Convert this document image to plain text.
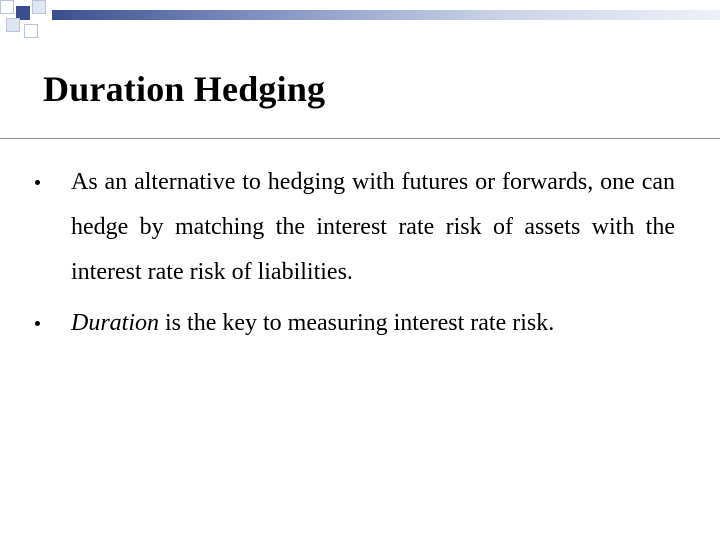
Duration Hedging
As an alternative to hedging with futures or forwards, one can hedge by matching the interest rate risk of assets with the interest rate risk of liabilities.
Duration is the key to measuring interest rate risk.
